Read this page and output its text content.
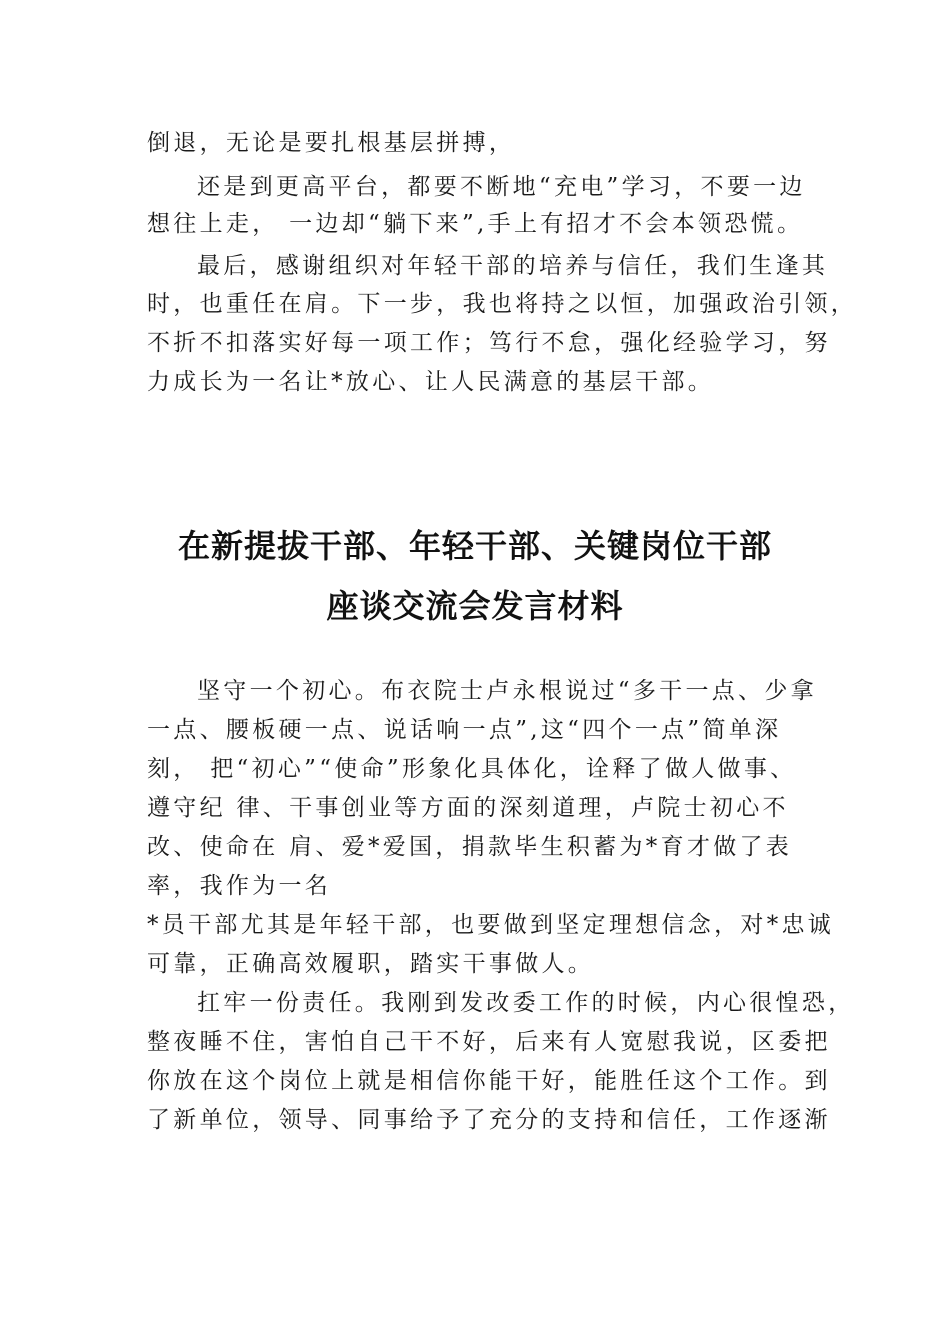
倒退，无论是要扎根基层拼搏，

还是到更高平台，都要不断地“充电”学习，不要一边

想往上走， 一边却“躺下来”,手上有招才不会本领恐慌。

最后，感谢组织对年轻干部的培养与信任，我们生逢其

时，也重任在肩。下一步，我也将持之以恒，加强政治引领，

不折不扣落实好每一项工作；笃行不怠，强化经验学习，努

力成长为一名让*放心、让人民满意的基层干部。

在新提拔干部、年轻干部、关键岗位干部
座谈交流会发言材料

坚守一个初心。布衣院士卢永根说过“多干一点、少拿

一点、腰板硬一点、说话响一点”,这“四个一点”简单深

刻， 把“初心”“使命”形象化具体化，诠释了做人做事、

遵守纪 律、干事创业等方面的深刻道理，卢院士初心不

改、使命在 肩、爱*爱国，捐款毕生积蓄为*育才做了表

率，我作为一名

*员干部尤其是年轻干部，也要做到坚定理想信念，对*忠诚

可靠，正确高效履职，踏实干事做人。

扛牢一份责任。我刚到发改委工作的时候，内心很惶恐，

整夜睡不住，害怕自己干不好，后来有人宽慰我说，区委把

你放在这个岗位上就是相信你能干好，能胜任这个工作。到

了新单位，领导、同事给予了充分的支持和信任，工作逐渐
